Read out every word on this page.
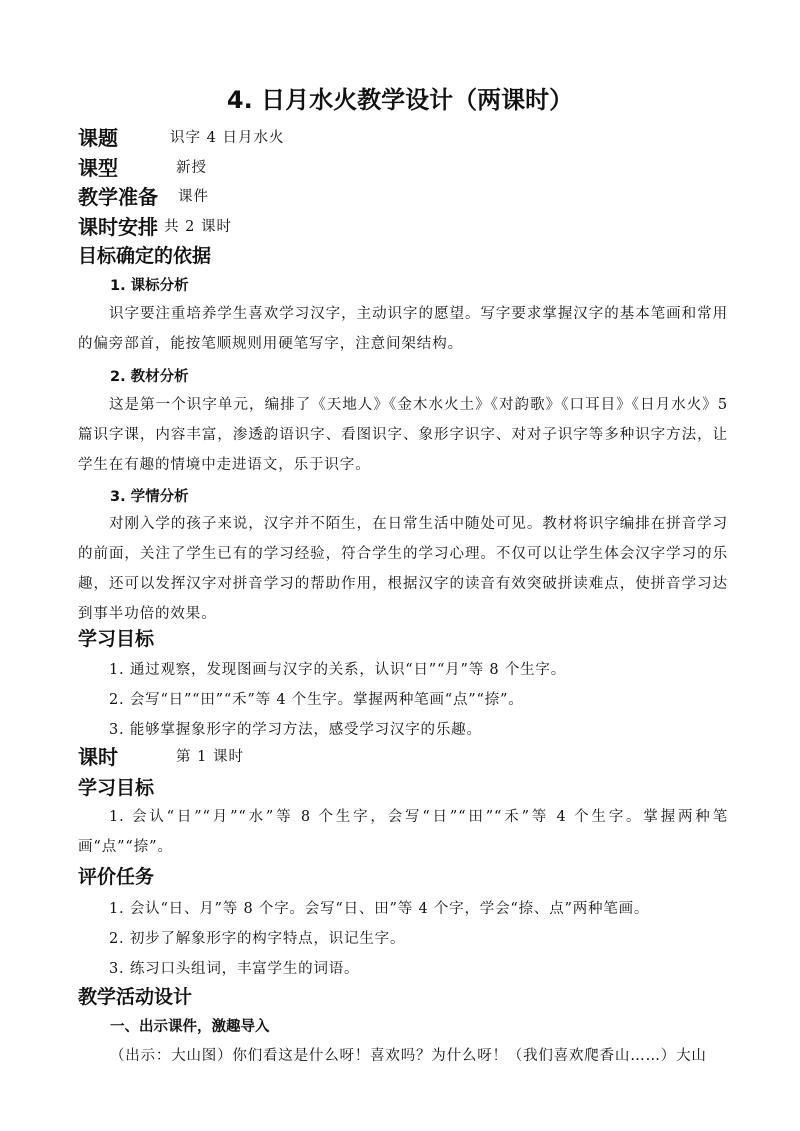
4. 日月水火教学设计（两课时）
课题	识字 4 日月水火
课型	新授
教学准备 课件
课时安排 共 2 课时
目标确定的依据
1. 课标分析
识字要注重培养学生喜欢学习汉字，主动识字的愿望。写字要求掌握汉字的基本笔画和常用的偏旁部首，能按笔顺规则用硬笔写字，注意间架结构。
2. 教材分析
这是第一个识字单元，编排了《天地人》《金木水火土》《对韵歌》《口耳目》《日月水火》5 篇识字课，内容丰富，渗透韵语识字、看图识字、象形字识字、对对子识字等多种识字方法，让学生在有趣的情境中走进语文，乐于识字。
3. 学情分析
对刚入学的孩子来说，汉字并不陌生，在日常生活中随处可见。教材将识字编排在拼音学习的前面，关注了学生已有的学习经验，符合学生的学习心理。不仅可以让学生体会汉字学习的乐趣，还可以发挥汉字对拼音学习的帮助作用，根据汉字的读音有效突破拼读难点，使拼音学习达到事半功倍的效果。
学习目标
1. 通过观察，发现图画与汉字的关系，认识“日”“月”等 8 个生字。
2. 会写“日”“田”“禾”等 4 个生字。掌握两种笔画“点”“捺”。
3. 能够掌握象形字的学习方法，感受学习汉字的乐趣。
课时	第 1 课时
学习目标
1. 会认“日”“月”“水”等 8 个生字，会写“日”“田”“禾”等 4 个生字。掌握两种笔画“点”“捺”。
评价任务
1. 会认“日、月”等 8 个字。会写“日、田”等 4 个字，学会“捺、点”两种笔画。
2. 初步了解象形字的构字特点，识记生字。
3. 练习口头组词，丰富学生的词语。
教学活动设计
一、出示课件，激趣导入
（出示：大山图）你们看这是什么呀！喜欢吗？为什么呀！（我们喜欢爬香山……）大山
